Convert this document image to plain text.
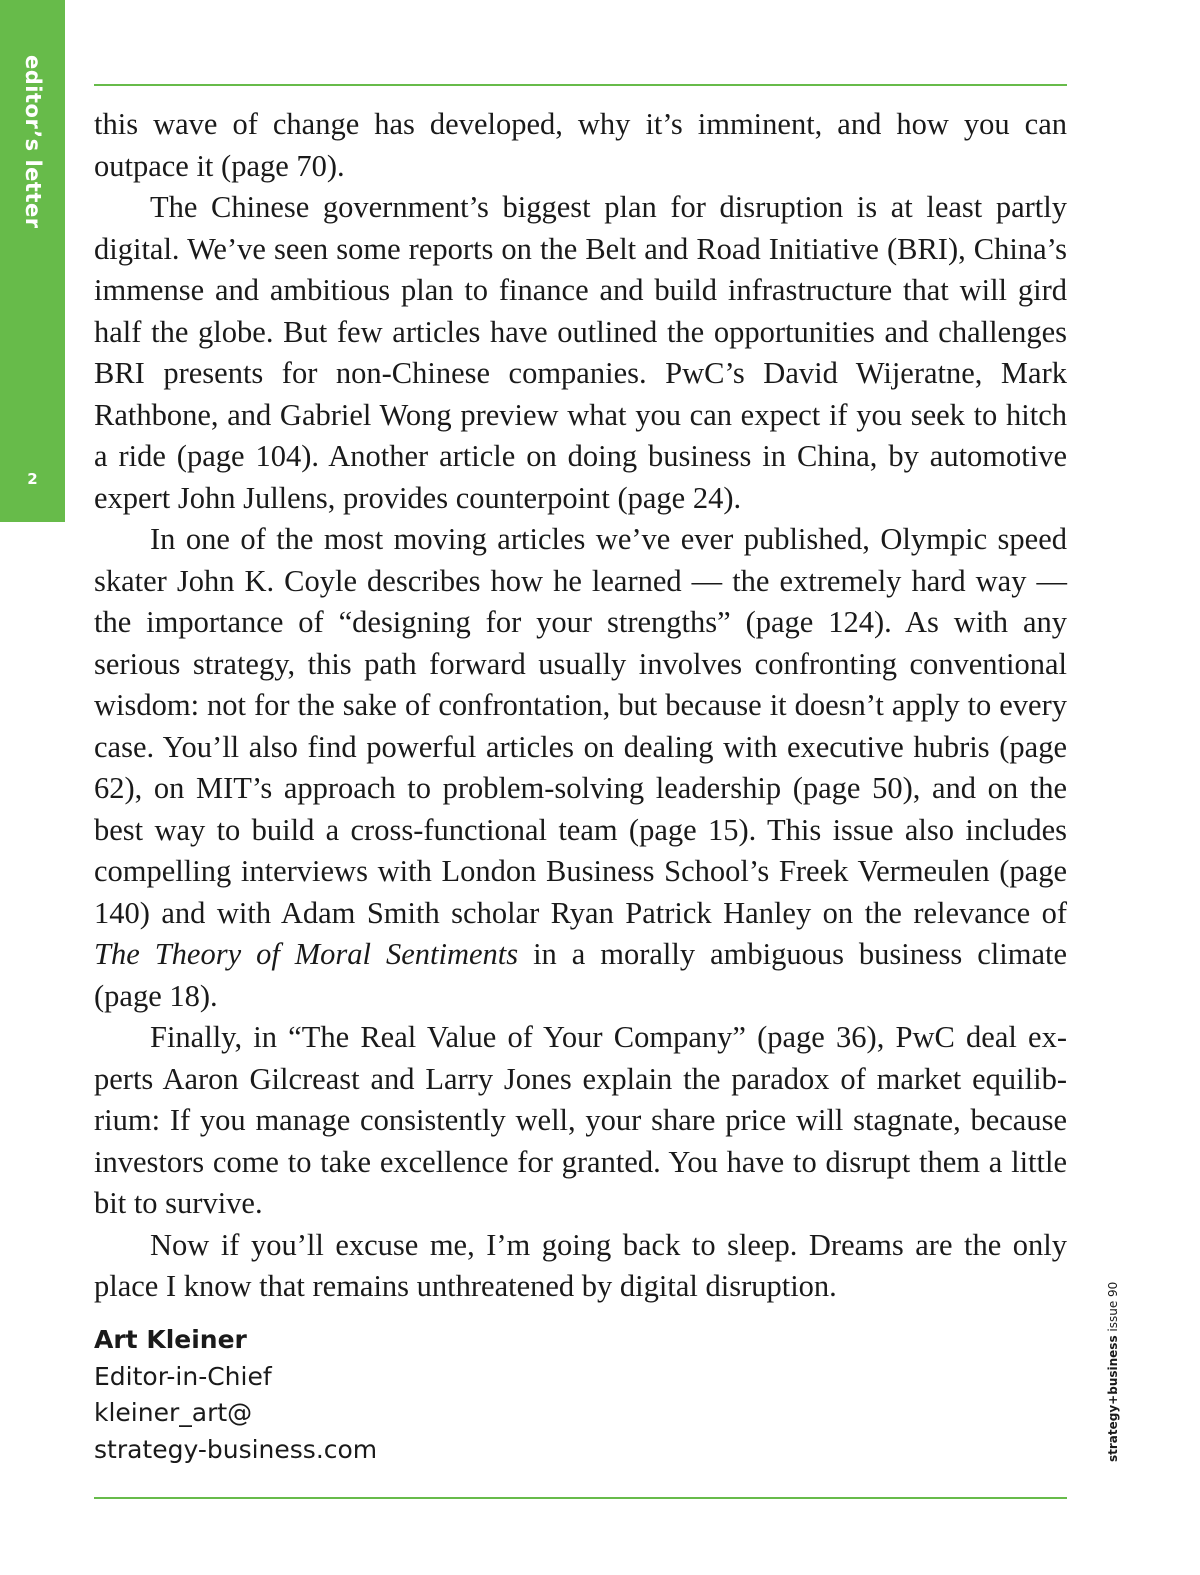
editor’s letter
2

this wave of change has developed, why it’s imminent, and how you can outpace it (page 70).

The Chinese government’s biggest plan for disruption is at least partly digital. We’ve seen some reports on the Belt and Road Initiative (BRI), China’s immense and ambitious plan to finance and build infrastructure that will gird half the globe. But few articles have outlined the opportunities and challenges BRI presents for non-Chinese companies. PwC’s David Wijeratne, Mark Rathbone, and Gabriel Wong preview what you can expect if you seek to hitch a ride (page 104). Another article on doing business in China, by automotive expert John Jullens, provides counterpoint (page 24).

In one of the most moving articles we’ve ever published, Olympic speed skater John K. Coyle describes how he learned — the extremely hard way — the importance of “designing for your strengths” (page 124). As with any serious strategy, this path forward usually involves confronting conventional wisdom: not for the sake of confrontation, but because it doesn’t apply to every case. You’ll also find powerful articles on dealing with executive hubris (page 62), on MIT’s approach to problem-solving leadership (page 50), and on the best way to build a cross-functional team (page 15). This issue also includes compelling interviews with London Business School’s Freek Vermeulen (page 140) and with Adam Smith scholar Ryan Patrick Hanley on the relevance of The Theory of Moral Sentiments in a morally ambiguous business climate (page 18).

Finally, in “The Real Value of Your Company” (page 36), PwC deal experts Aaron Gilcreast and Larry Jones explain the paradox of market equilibrium: If you manage consistently well, your share price will stagnate, because investors come to take excellence for granted. You have to disrupt them a little bit to survive.

Now if you’ll excuse me, I’m going back to sleep. Dreams are the only place I know that remains unthreatened by digital disruption.

Art Kleiner
Editor-in-Chief
kleiner_art@
strategy-business.com	strategy+business issue 90
